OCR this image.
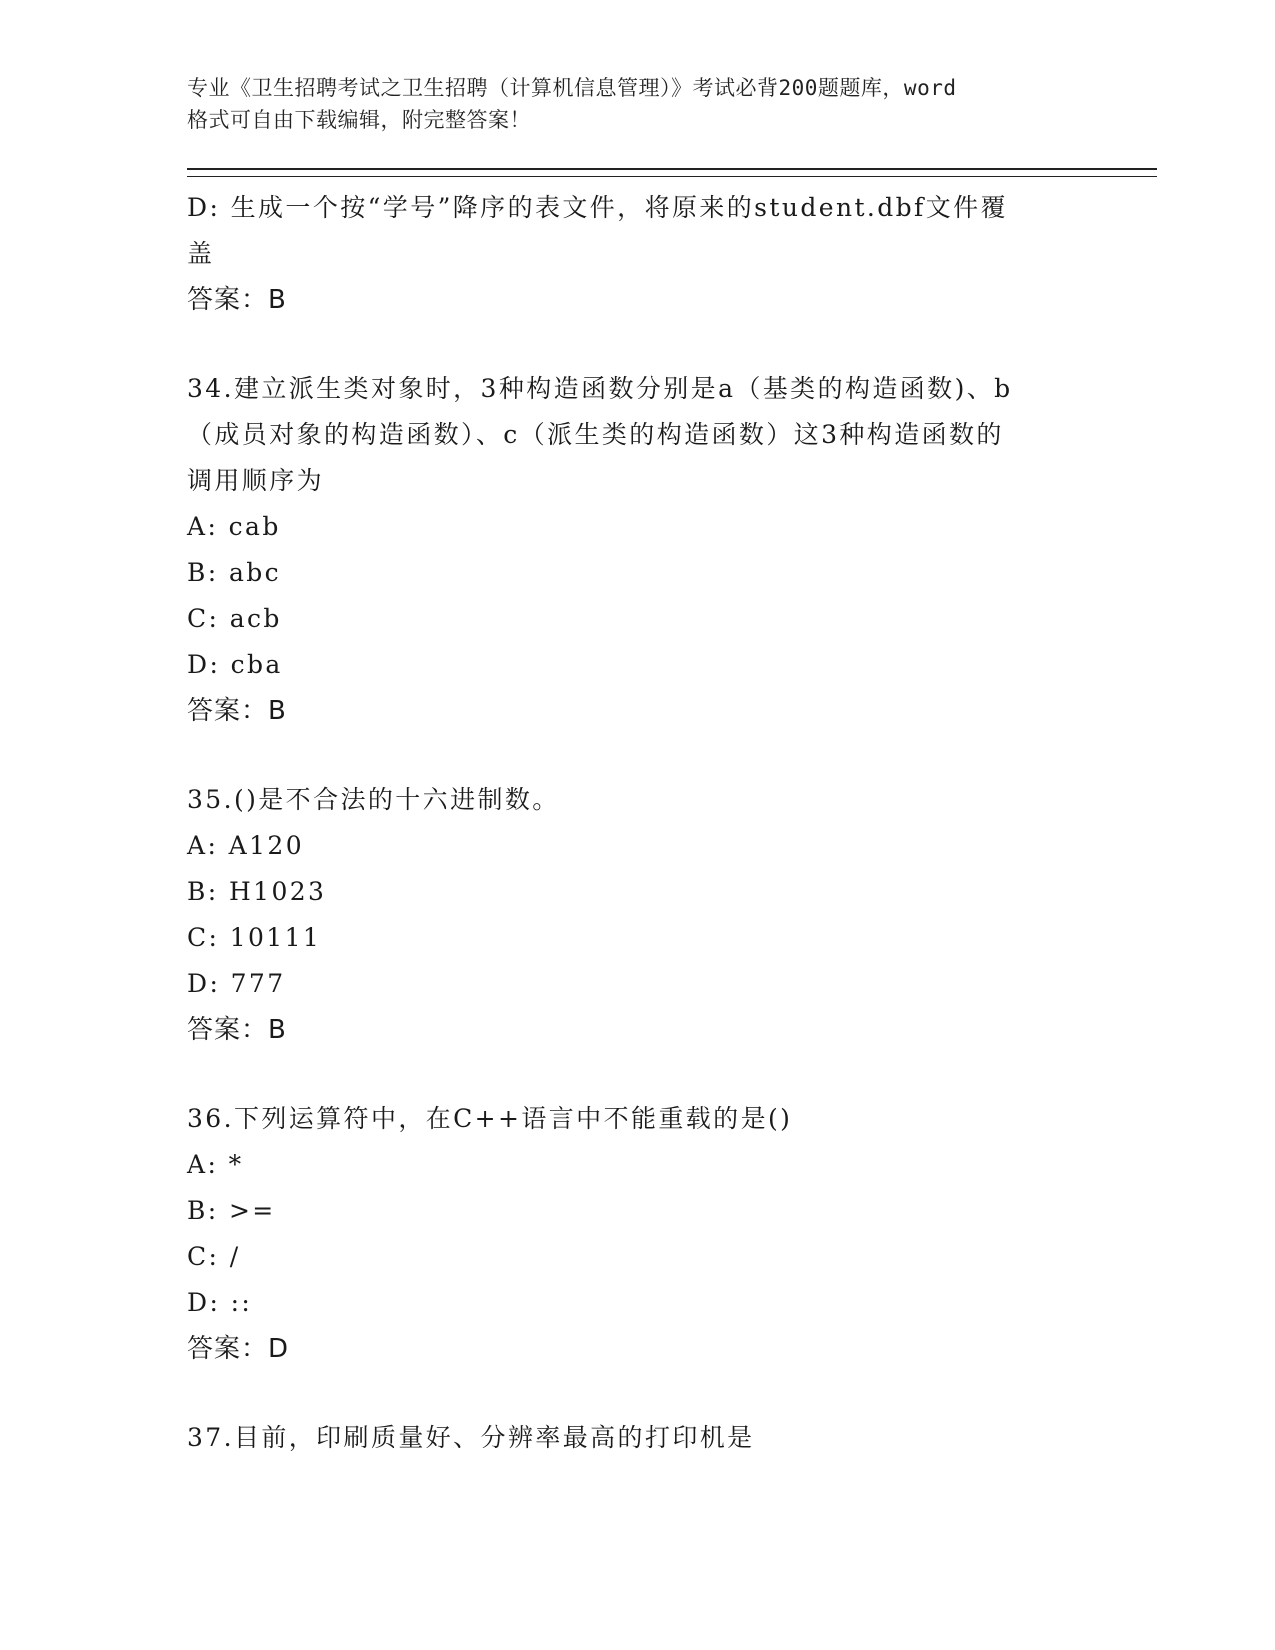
专业《卫生招聘考试之卫生招聘（计算机信息管理）》考试必背200题题库，word
格式可自由下载编辑，附完整答案！
D: 生成一个按“学号”降序的表文件，将原来的student.dbf文件覆
盖
答案：B
34.建立派生类对象时，3种构造函数分别是a（基类的构造函数)、b
（成员对象的构造函数）、c（派生类的构造函数）这3种构造函数的
调用顺序为
A: cab
B: abc
C: acb
D: cba
答案：B
35.()是不合法的十六进制数。
A: A120
B: H1023
C: 10111
D: 777
答案：B
36.下列运算符中，在C++语言中不能重载的是()
A: *
B: >=
C: /
D: ::
答案：D
37.目前，印刷质量好、分辨率最高的打印机是
